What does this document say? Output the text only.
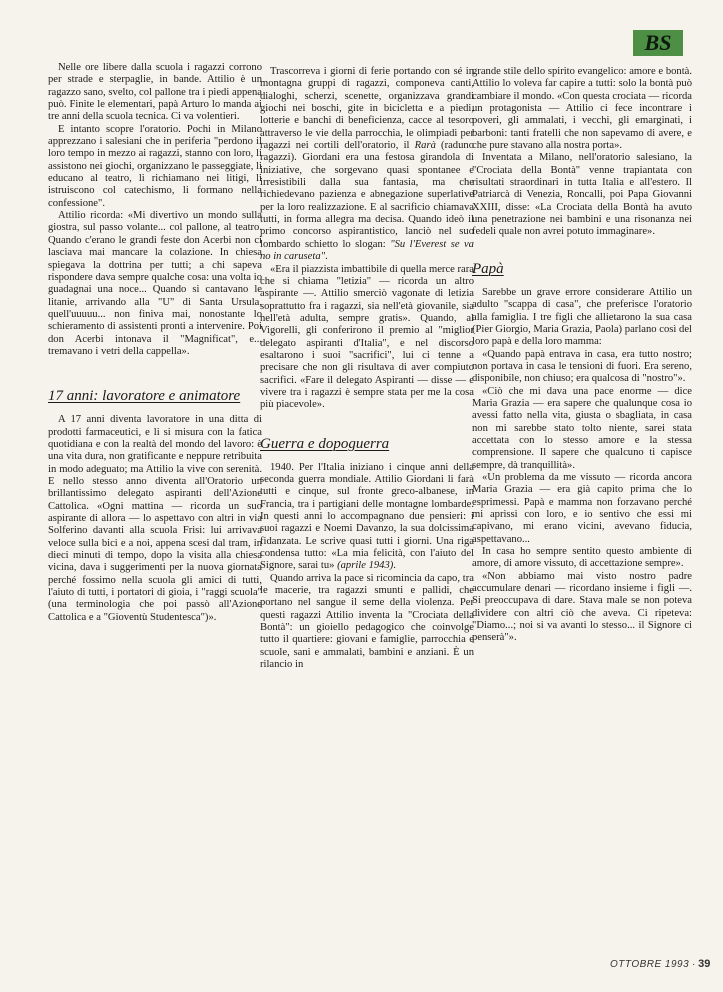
BS

Nelle ore libere dalla scuola i ragazzi corrono per strade e sterpaglie, in bande. Attilio è un ragazzo sano, svelto, col pallone tra i piedi appena può. Finite le elementari, papà Arturo lo manda ai tre anni della scuola tecnica. Ci va volentieri.

E intanto scopre l'oratorio. Pochi in Milano apprezzano i salesiani che in periferia "perdono il loro tempo in mezzo ai ragazzi, stanno con loro, li assistono nei giochi, organizzano le passeggiate, li educano al teatro, li richiamano nei litigi, li istruiscono col catechismo, li formano nella confessione".

Attilio ricorda: «Mi divertivo un mondo sulla giostra, sul passo volante... col pallone, al teatro. Quando c'erano le grandi feste don Acerbi non ci lasciava mai mancare la colazione. In chiesa spiegava la dottrina per tutti; a chi sapeva rispondere dava sempre qualche cosa: una volta io guadagnai una noce... Quando si cantavano le litanie, arrivando alla "U" di Santa Ursula, quell'uuuuu... non finiva mai, nonostante lo schieramento di assistenti pronti a intervenire. Poi don Acerbi intonava il "Magnificat", e... tremavano i vetri della cappella».

17 anni: lavoratore e animatore

A 17 anni diventa lavoratore in una ditta di prodotti farmaceutici, e li si misura con la fatica quotidiana e con la realtà del mondo del lavoro: è una vita dura, non gratificante e neppure retribuita in modo adeguato; ma Attilio la vive con serenità. E nello stesso anno diventa all'Oratorio un brillantissimo delegato aspiranti dell'Azione Cattolica. «Ogni mattina — ricorda un suo aspirante di allora — lo aspettavo con altri in via Solferino davanti alla scuola Frisi: lui arrivava veloce sulla bici e a noi, appena scesi dal tram, in dieci minuti di tempo, dopo la visita alla chiesa vicina, dava i suggerimenti per la nuova giornata perché fossimo nella scuola gli amici di tutti, l'aiuto di tutti, i portatori di gioia, i "raggi scuola" (una terminologia che poi passò all'Azione Cattolica e a "Gioventù Studentesca")».

Trascorreva i giorni di ferie portando con sé in montagna gruppi di ragazzi, componeva canti, dialoghi, scherzi, scenette, organizzava grandi giochi nei boschi, gite in bicicletta e a piedi, lotterie e banchi di beneficienza, cacce al tesoro attraverso le vie della parrocchia, le olimpiadi per ragazzi nei cortili dell'oratorio, il Rarà (raduno ragazzi). Giordani era una festosa girandola di iniziative, che sorgevano quasi spontanee e irresistibili dalla sua fantasia, ma che richiedevano pazienza e abnegazione superlative per la loro realizzazione. E al sacrificio chiamava tutti, in forma allegra ma decisa. Quando ideò il primo concorso aspirantistico, lanciò nel suo lombardo schietto lo slogan: "Su l'Everest se va no in caruseta".

«Era il piazzista imbattibile di quella merce rara che si chiama "letizia" — ricorda un altro aspirante —. Attilio smerciò vagonate di letizia soprattutto fra i ragazzi, sia nell'età giovanile, sia nell'età adulta, sempre gratis». Quando, al Vigorelli, gli conferirono il premio al "miglior delegato aspiranti d'Italia", e nel discorso esaltarono i suoi "sacrifici", lui ci tenne a precisare che non gli risultava di aver compiuto sacrifici. «Fare il delegato Aspiranti — disse — e vivere tra i ragazzi è sempre stata per me la cosa più piacevole».

Guerra e dopoguerra

1940. Per l'Italia iniziano i cinque anni della seconda guerra mondiale. Attilio Giordani li farà tutti e cinque, sul fronte greco-albanese, in Francia, tra i partigiani delle montagne lombarde. In questi anni lo accompagnano due pensieri: i suoi ragazzi e Noemi Davanzo, la sua dolcissima fidanzata. Le scrive quasi tutti i giorni. Una riga condensa tutto: «La mia felicità, con l'aiuto del Signore, sarai tu» (aprile 1943).

Quando arriva la pace si ricomincia da capo, tra le macerie, tra ragazzi smunti e pallidi, che portano nel sangue il seme della violenza. Per questi ragazzi Attilio inventa la "Crociata della Bontà": un gioiello pedagogico che coinvolge tutto il quartiere: giovani e famiglie, parrocchia e scuole, sani e ammalati, bambini e anziani. È un rilancio in

grande stile dello spirito evangelico: amore e bontà. Attilio lo voleva far capire a tutti: solo la bontà può cambiare il mondo. «Con questa crociata — ricorda un protagonista — Attilio ci fece incontrare i poveri, gli ammalati, i vecchi, gli emarginati, i barboni: tanti fratelli che non sapevamo di avere, e che pure stavano alla nostra porta».

Inventata a Milano, nell'oratorio salesiano, la "Crociata della Bontà" venne trapiantata con risultati straordinari in tutta Italia e all'estero. Il Patriarcà di Venezia, Roncalli, poi Papa Giovanni XXIII, disse: «La Crociata della Bontà ha avuto una penetrazione nei bambini e una risonanza nei fedeli quale non avrei potuto immaginare».

Papà

Sarebbe un grave errore considerare Attilio un adulto "scappa di casa", che preferisce l'oratorio alla famiglia. I tre figli che allietarono la sua casa (Pier Giorgio, Maria Grazia, Paola) parlano così del loro papà e della loro mamma:

«Quando papà entrava in casa, era tutto nostro; non portava in casa le tensioni di fuori. Era sereno, disponibile, non chiuso; era qualcosa di "nostro"».

«Ciò che mi dava una pace enorme — dice Maria Grazia — era sapere che qualunque cosa io avessi fatto nella vita, giusta o sbagliata, in casa non mi sarebbe stato tolto niente, sarei stata accettata con lo stesso amore e la stessa comprensione. Il sapere che qualcuno ti capisce sempre, dà tranquillità».

«Un problema da me vissuto — ricorda ancora Maria Grazia — era già capito prima che lo esprimessi. Papà e mamma non forzavano perché mi aprissi con loro, e io sentivo che essi mi capivano, mi erano vicini, avevano fiducia, aspettavano...

In casa ho sempre sentito questo ambiente di amore, di amore vissuto, di accettazione sempre».

«Non abbiamo mai visto nostro padre accumulare denari — ricordano insieme i figli —. Si preoccupava di dare. Stava male se non poteva dividere con altri ciò che aveva. Ci ripeteva: "Diamo...; noi si va avanti lo stesso... il Signore ci penserà"».

OTTOBRE 1993 · 39
